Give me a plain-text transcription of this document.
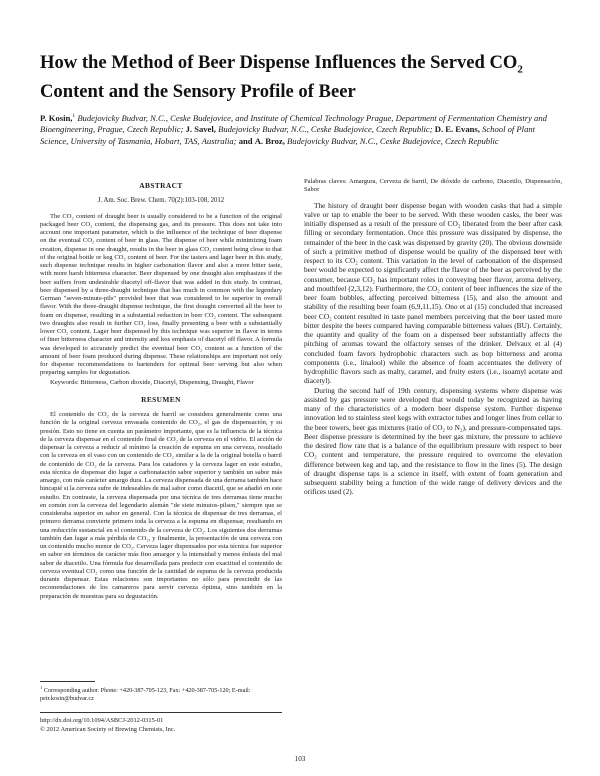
How the Method of Beer Dispense Influences the Served $CO_2$
Content and the Sensory Profile of Beer
P. Kosin,$^1$ Budejovicky Budvar, N.C., Ceske Budejovice, and Institute of Chemical Technology Prague, Department of Fermentation Chemistry and Bioengineering, Prague, Czech Republic; J. Savel, Budejovicky Budvar, N.C., Ceske Budejovice, Czech Republic; D. E. Evans, School of Plant Science, University of Tasmania, Hobart, TAS, Australia; and A. Broz, Budejovicky Budvar, N.C., Ceske Budejovice, Czech Republic
ABSTRACT
J. Am. Soc. Brew. Chem. 70(2):103-108, 2012

The CO₂ content of draught beer is usually considered to be a function of the original packaged beer CO₂ content, the dispensing gas, and its pressure. This does not take into account one important parameter, which is the influence of the technique of beer dispense on the eventual CO₂ content of beer in glass. The dispense of beer while minimizing foam creation, dispense in one draught, results in the beer in glass CO₂ content being close to that of the original bottle or keg CO₂ content of beer. For the tasters and lager beer in this study, such dispense technique results in higher carbonation flavor and also a more bitter taste, with more harsh bitterness character. Beer dispensed by one draught also emphasizes if the beer suffers from undesirable diacetyl off-flavor that was added in this study. In contrast, beer dispensed by a three-draught technique that has much in common with the legendary German "seven-minute-pils" provided beer that was considered to be superior in overall flavor. With the three-draught dispense technique, the first draught converted all the beer to foam on dispense, resulting in a substantial reduction in beer CO₂ content. The subsequent two draughts also result in further CO₂ loss, finally presenting a beer with a substantially lower CO₂ content. Lager beer dispensed by this technique was superior in flavor in terms of finer bitterness character and intensity and less emphasis of diacetyl off flavor. A formula was developed to accurately predict the eventual beer CO₂ content as a function of the amount of beer foam produced during dispense. These relationships are important not only for dispense recommendations to bartenders for optimal beer serving but also when preparing samples for degustation.

Keywords: Bitterness, Carbon dioxide, Diacetyl, Dispensing, Draught, Flavor

RESUMEN

El contenido de CO₂ de la cerveza de barril se considera generalmente como una función de la original cerveza envasada contenido de CO₂, el gas de dispensación, y su presión. Esto no tiene en cuenta un parámetro importante, que es la influencia de la técnica de la cerveza dispensar en el contenido final de CO₂ de la cerveza en el vidrio. El acción de dispensar la cerveza a reducir al mínimo la creación de espuma en una cerveza, resultado con la cerveza en el vaso con un contenido de CO₂ similar a la de la original botella o barril de contenido de CO₂ de la cerveza. Para los catadores y la cerveza lager en este estudio, esta técnica de dispensar dio lugar a carbonatación sabor superior y también un sabor más amargo, con más carácter amargo dura. La cerveza dispensada de una derrama también hace hincapié si la cerveza sufre de indeseables de mal sabor como diacetil, que se añadió en este estudio. En contraste, la cerveza dispensada por una técnica de tres derramas tiene mucho en común con la cerveza del legendario alemán "de siete minutos-pilsen," siempre que se consideraba superior en sabor en general. Con la técnica de dispensar de tres derramas, el primero derrama convierte primero toda la cerveza a la espuma en dispensar, resultando en una reducción sustancial en el contenido de la cerveza de CO₂. Los siguientes dos derramas también dan lugar a más pérdida de CO₂, y finalmente, la presentación de una cerveza con un contenido mucho menor de CO₂. Cerveza lager dispensados por esta técnica fue superior en sabor en términos de carácter más fino amargor y la intensidad y menos énfasis del mal sabor de diacetilo. Una fórmula fue desarrollada para predecir con exactitud el contenido de cerveza eventual CO₂ como una función de la cantidad de espuma de la cerveza producida durante dispensar. Estas relaciones son importantes no sólo para prescindir de las recomendaciones de los camareros para servir cerveza óptima, sino también en la preparación de muestras para su degustación.

$^1$ Corresponding author. Phone: +420-387-705-123, Fax: +420-387-705-120; E-mail: petr.kosin@budvar.cz
http://dx.doi.org/10.1094/ASBCJ-2012-0315-01
© 2012 American Society of Brewing Chemists, Inc.

Palabras claves: Amargura, Cerveza de barril, De dióxido de carbono, Diacetilo, Dispensación, Sabor

The history of draught beer dispense began with wooden casks that had a simple valve or tap to enable the beer to be served. With these wooden casks, the beer was initially dispensed as a result of the pressure of CO₂ liberated from the beer after cask filling or secondary fermentation. Once this pressure was dissipated by dispense, the remainder of the beer in the cask was dispensed by gravity (20). The obvious downside of such a primitive method of dispense would be quality of the dispensed beer with respect to its CO₂ content. This variation in the level of carbonation of the dispensed beer would be expected to significantly affect the flavor of the beer as perceived by the consumer, because CO₂ has important roles in conveying beer flavor, aroma delivery, and mouthfeel (2,3,12). Furthermore, the CO₂ content of beer influences the size of the beer foam bubbles, affecting perceived bitterness (15), and also the amount and stability of the resulting beer foam (6,9,11,15). Ono et al (15) concluded that increased beer CO₂ content resulted in taste panel members perceiving that the beer tasted more bitter despite the beers compared having comparable bitterness values (BU). Certainly, the quantity and quality of the foam on a dispensed beer substantially affects the pitching of aromas toward the olfactory senses of the drinker. Delvaux et al (4) concluded foam favors hydrophobic characters such as hop bitterness and aroma components (i.e., linalool) while the absence of foam accentuates the delivery of hydrophilic flavors such as malty, caramel, and fruity esters (i.e., isoamyl acetate and diacetyl).

During the second half of 19th century, dispensing systems where dispense was assisted by gas pressure were developed that would today be recognized as having many of the characteristics of a modern beer dispense system. Further dispense innovation led to stainless steel kegs with extractor tubes and longer lines from cellar to the beer towers, beer gas mixtures (ratio of CO₂ to N₂), and pressure-compensated taps. Beer dispense pressure is determined by the beer gas mixture, the pressure to achieve the desired flow rate that is a balance of the equilibrium pressure with respect to beer CO₂ content and temperature, the pressure required to overcome the elevation difference between keg and tap, and the resistance to flow in the lines (5). The design of draught dispense taps is a science in itself, with extent of foam generation and subsequent stability being a function of the wide range of delivery devices and the orifices used (2).

103
